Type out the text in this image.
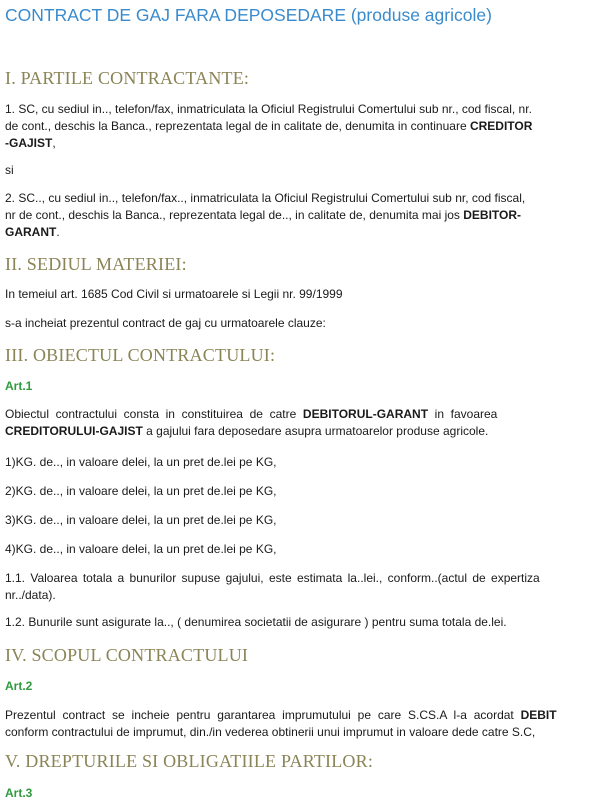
CONTRACT DE GAJ FARA DEPOSEDARE (produse agricole)
I. PARTILE CONTRACTANTE:
1. SC, cu sediul in.., telefon/fax, inmatriculata la Oficiul Registrului Comertului sub nr., cod fiscal, nr.
de cont., deschis la Banca., reprezentata legal de in calitate de, denumita in continuare CREDITOR
-GAJIST,
si
2. SC.., cu sediul in.., telefon/fax.., inmatriculata la Oficiul Registrului Comertului sub nr, cod fiscal,
nr de cont., deschis la Banca., reprezentata legal de.., in calitate de, denumita mai jos DEBITOR-
GARANT.
II. SEDIUL MATERIEI:
In temeiul art. 1685 Cod Civil si urmatoarele si Legii nr. 99/1999
s-a incheiat prezentul contract de gaj cu urmatoarele clauze:
III. OBIECTUL CONTRACTULUI:
Art.1
Obiectul contractului consta in constituirea de catre DEBITORUL-GARANT in favoarea
CREDITORULUI-GAJIST a gajului fara deposedare asupra urmatoarelor produse agricole.
1)KG. de.., in valoare delei, la un pret de.lei pe KG,
2)KG. de.., in valoare delei, la un pret de.lei pe KG,
3)KG. de.., in valoare delei, la un pret de.lei pe KG,
4)KG. de.., in valoare delei, la un pret de.lei pe KG,
1.1. Valoarea totala a bunurilor supuse gajului, este estimata la..lei., conform..(actul de expertiza
nr../data).
1.2. Bunurile sunt asigurate la.., ( denumirea societatii de asigurare ) pentru suma totala de.lei.
IV. SCOPUL CONTRACTULUI
Art.2
Prezentul contract se incheie pentru garantarea imprumutului pe care S.CS.A l-a acordat DEBIT
conform contractului de imprumut, din./in vederea obtinerii unui imprumut in valoare dede catre S.C,
V. DREPTURILE SI OBLIGATIILE PARTILOR:
Art.3
